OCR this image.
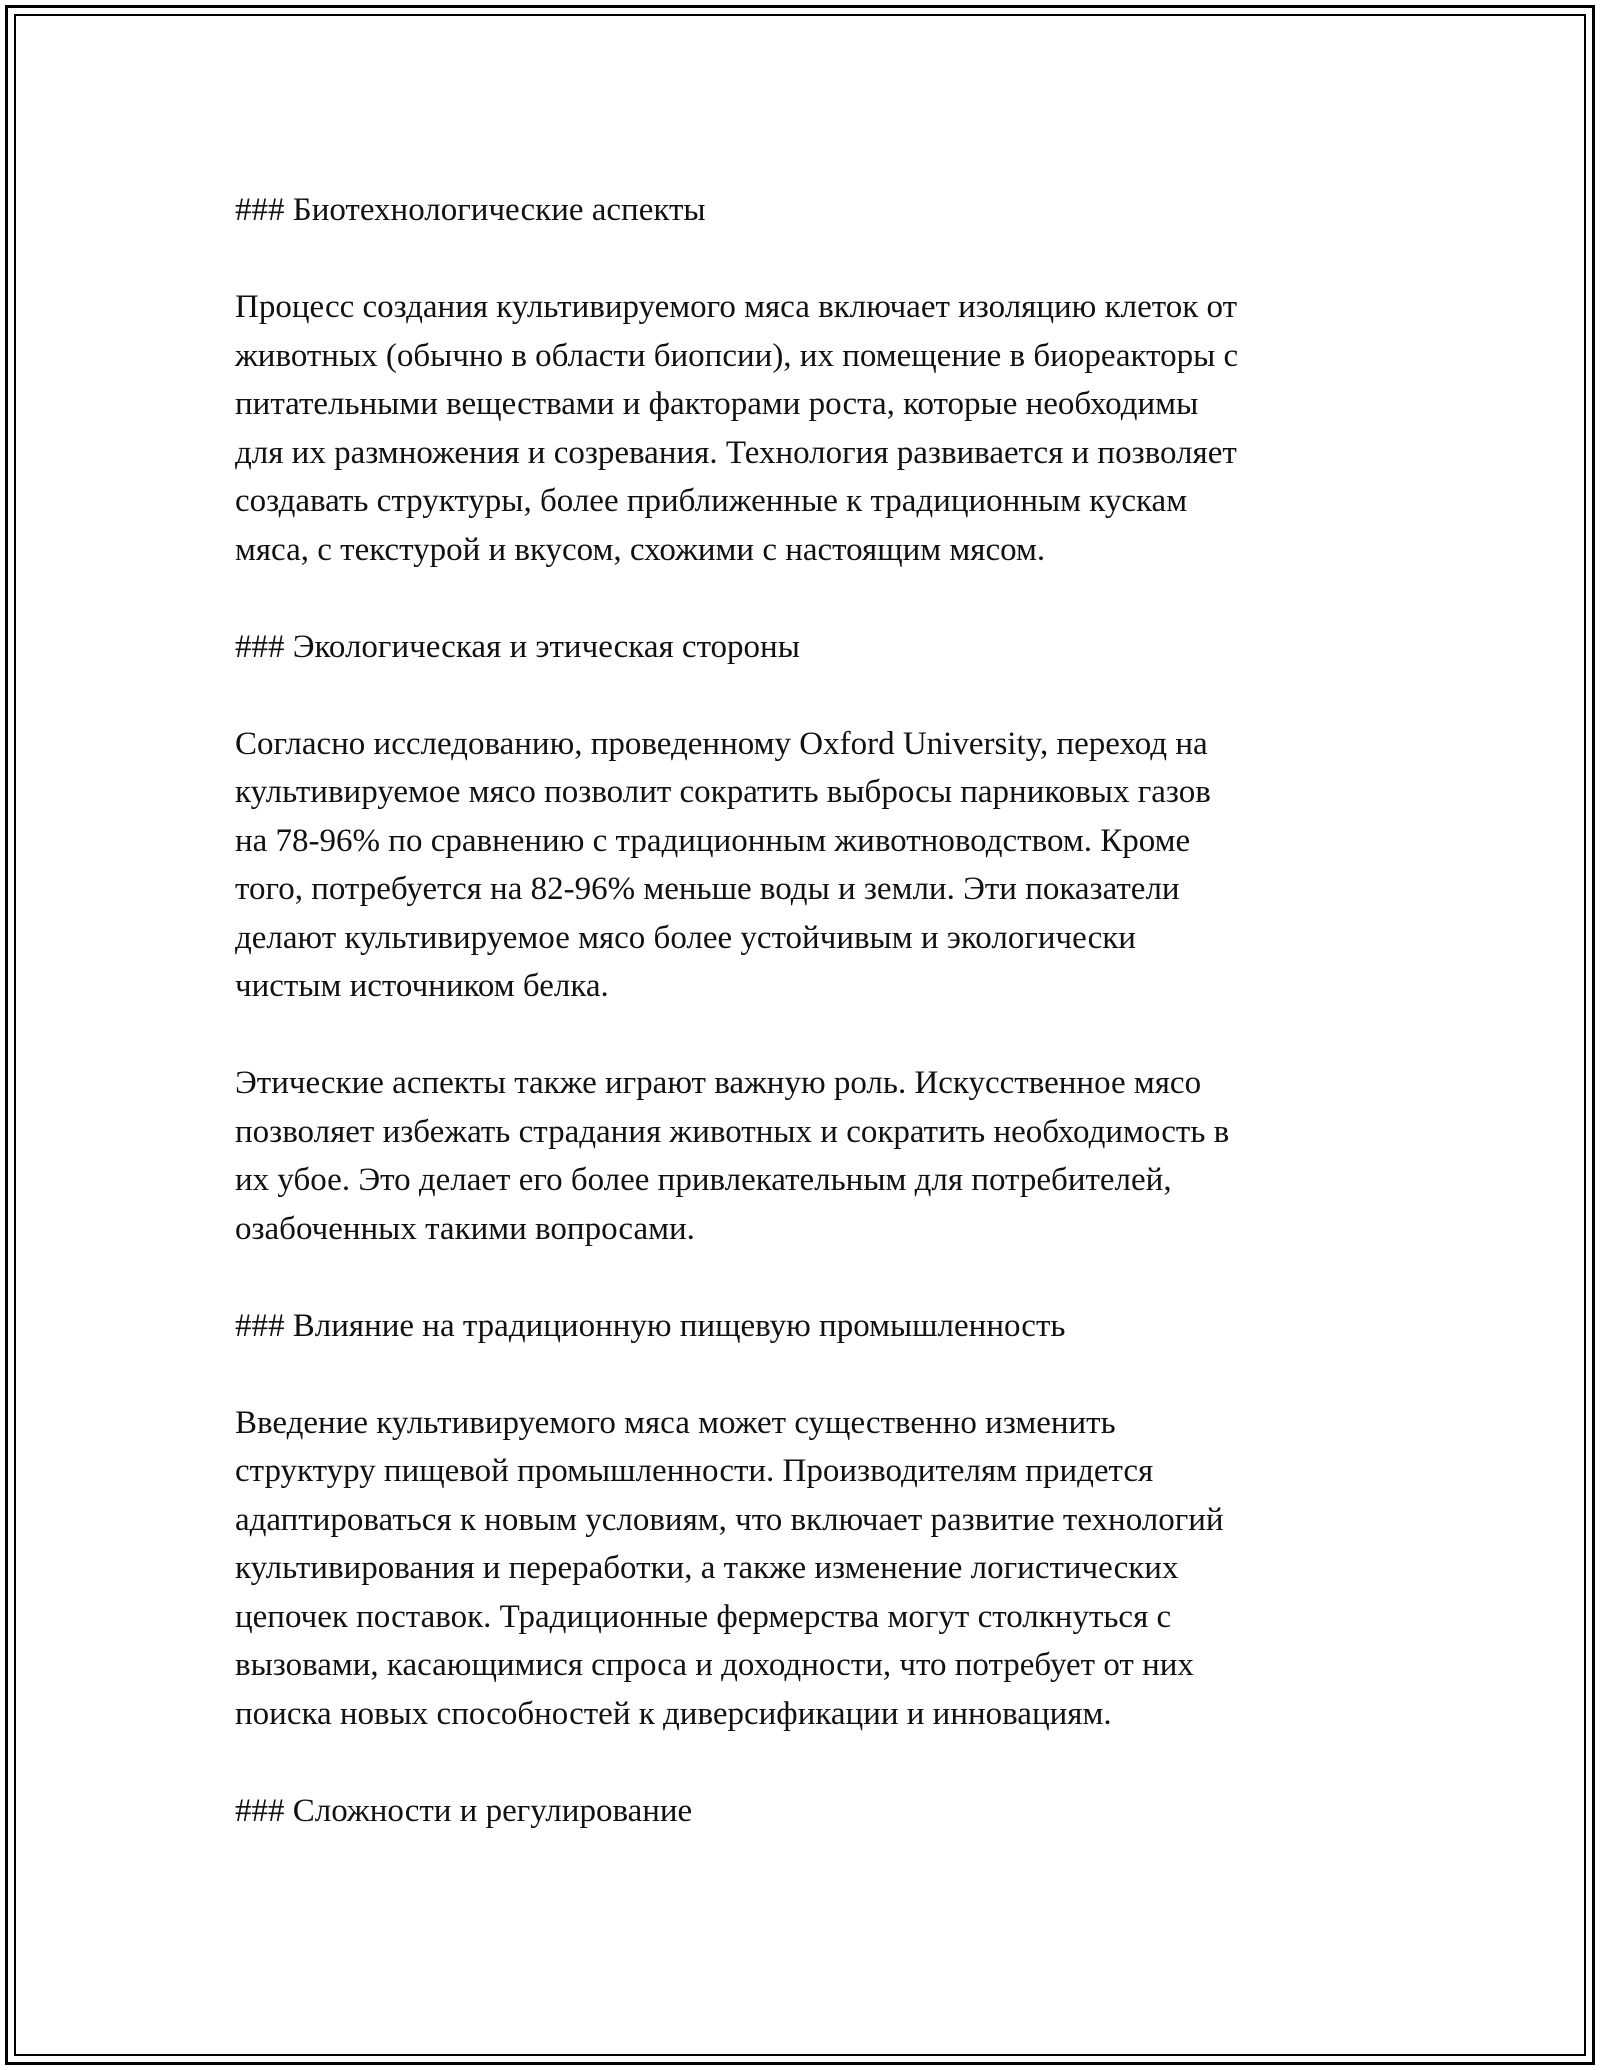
### Биотехнологические аспекты
Процесс создания культивируемого мяса включает изоляцию клеток от
животных (обычно в области биопсии), их помещение в биореакторы с
питательными веществами и факторами роста, которые необходимы
для их размножения и созревания. Технология развивается и позволяет
создавать структуры, более приближенные к традиционным кускам
мяса, с текстурой и вкусом, схожими с настоящим мясом.
### Экологическая и этическая стороны
Согласно исследованию, проведенному Oxford University, переход на
культивируемое мясо позволит сократить выбросы парниковых газов
на 78-96% по сравнению с традиционным животноводством. Кроме
того, потребуется на 82-96% меньше воды и земли. Эти показатели
делают культивируемое мясо более устойчивым и экологически
чистым источником белка.
Этические аспекты также играют важную роль. Искусственное мясо
позволяет избежать страдания животных и сократить необходимость в
их убое. Это делает его более привлекательным для потребителей,
озабоченных такими вопросами.
### Влияние на традиционную пищевую промышленность
Введение культивируемого мяса может существенно изменить
структуру пищевой промышленности. Производителям придется
адаптироваться к новым условиям, что включает развитие технологий
культивирования и переработки, а также изменение логистических
цепочек поставок. Традиционные фермерства могут столкнуться с
вызовами, касающимися спроса и доходности, что потребует от них
поиска новых способностей к диверсификации и инновациям.
### Сложности и регулирование
